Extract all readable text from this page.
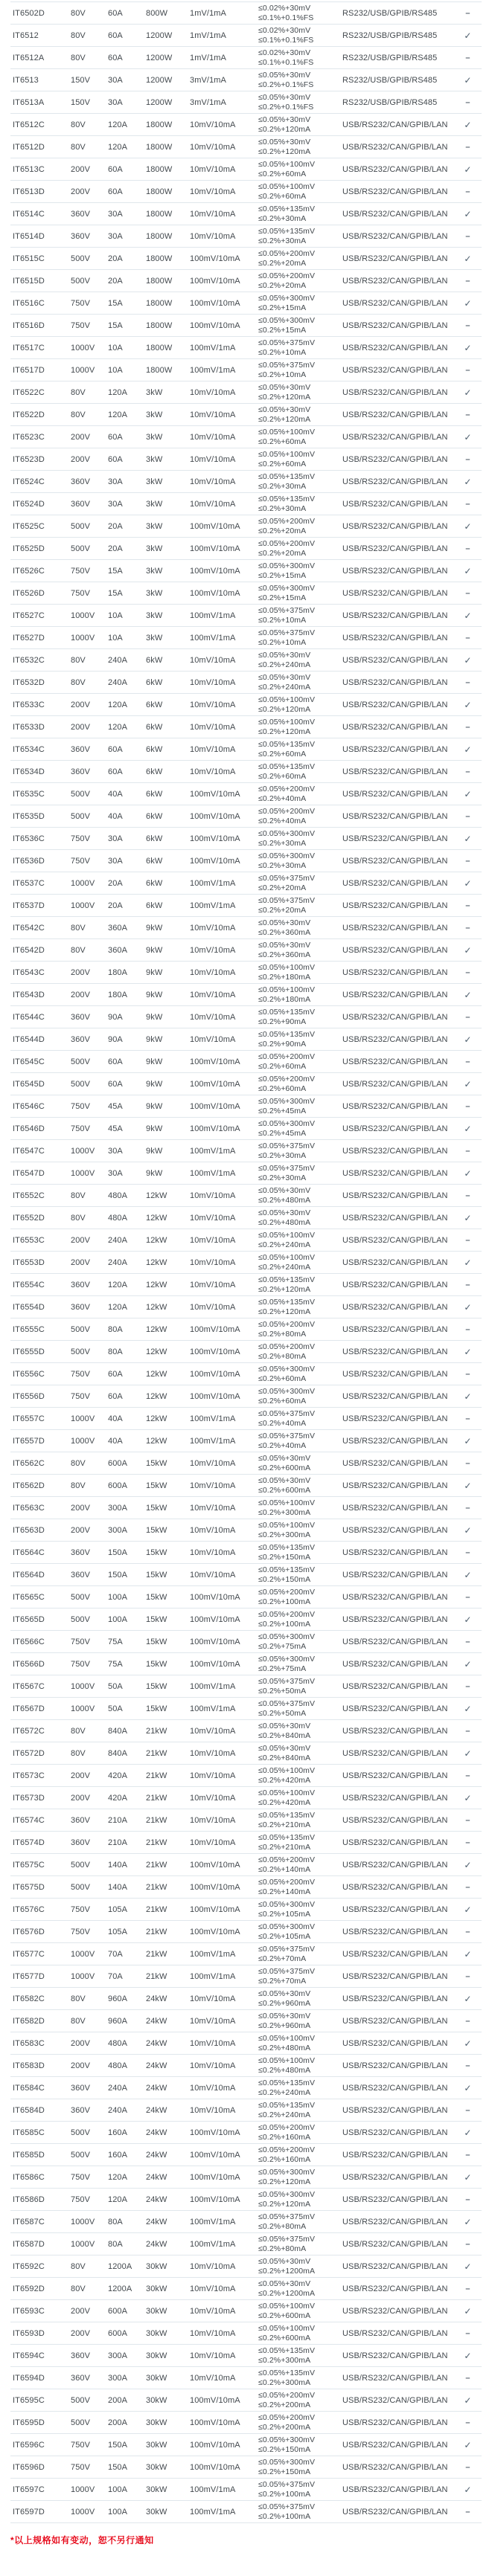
IT6502D	80V	60A	800W	1mV/1mA
≤0.02%+30mV
≤0.1%+0.1%FS	RS232/USB/GPIB/RS485	–
IT6512	80V	60A	1200W	1mV/1mA
≤0.02%+30mV
≤0.1%+0.1%FS	RS232/USB/GPIB/RS485	✓
IT6512A	80V	60A	1200W	1mV/1mA
≤0.02%+30mV
≤0.1%+0.1%FS	RS232/USB/GPIB/RS485	–
IT6513	150V	30A	1200W	3mV/1mA
≤0.05%+30mV
≤0.2%+0.1%FS	RS232/USB/GPIB/RS485	✓
IT6513A	150V	30A	1200W	3mV/1mA
≤0.05%+30mV
≤0.2%+0.1%FS	RS232/USB/GPIB/RS485	–
IT6512C	80V	120A	1800W	10mV/10mA
≤0.05%+30mV
≤0.2%+120mA	USB/RS232/CAN/GPIB/LAN	✓
IT6512D	80V	120A	1800W	10mV/10mA
≤0.05%+30mV
≤0.2%+120mA	USB/RS232/CAN/GPIB/LAN	–
IT6513C	200V	60A	1800W	10mV/10mA
≤0.05%+100mV
≤0.2%+60mA	USB/RS232/CAN/GPIB/LAN	✓
IT6513D	200V	60A	1800W	10mV/10mA
≤0.05%+100mV
≤0.2%+60mA	USB/RS232/CAN/GPIB/LAN	–
IT6514C	360V	30A	1800W	10mV/10mA
≤0.05%+135mV
≤0.2%+30mA	USB/RS232/CAN/GPIB/LAN	✓
IT6514D	360V	30A	1800W	10mV/10mA
≤0.05%+135mV
≤0.2%+30mA	USB/RS232/CAN/GPIB/LAN	–
IT6515C	500V	20A	1800W	100mV/10mA
≤0.05%+200mV
≤0.2%+20mA	USB/RS232/CAN/GPIB/LAN	✓
IT6515D	500V	20A	1800W	100mV/10mA
≤0.05%+200mV
≤0.2%+20mA	USB/RS232/CAN/GPIB/LAN	–
IT6516C	750V	15A	1800W	100mV/10mA
≤0.05%+300mV
≤0.2%+15mA	USB/RS232/CAN/GPIB/LAN	✓
IT6516D	750V	15A	1800W	100mV/10mA
≤0.05%+300mV
≤0.2%+15mA	USB/RS232/CAN/GPIB/LAN	–
IT6517C	1000V	10A	1800W	100mV/1mA
≤0.05%+375mV
≤0.2%+10mA	USB/RS232/CAN/GPIB/LAN	✓
IT6517D	1000V	10A	1800W	100mV/1mA
≤0.05%+375mV
≤0.2%+10mA	USB/RS232/CAN/GPIB/LAN	–
IT6522C	80V	120A	3kW	10mV/10mA
≤0.05%+30mV
≤0.2%+120mA	USB/RS232/CAN/GPIB/LAN	✓
IT6522D	80V	120A	3kW	10mV/10mA
≤0.05%+30mV
≤0.2%+120mA	USB/RS232/CAN/GPIB/LAN	–
IT6523C	200V	60A	3kW	10mV/10mA
≤0.05%+100mV
≤0.2%+60mA	USB/RS232/CAN/GPIB/LAN	✓
IT6523D	200V	60A	3kW	10mV/10mA
≤0.05%+100mV
≤0.2%+60mA	USB/RS232/CAN/GPIB/LAN	–
IT6524C	360V	30A	3kW	10mV/10mA
≤0.05%+135mV
≤0.2%+30mA	USB/RS232/CAN/GPIB/LAN	✓
IT6524D	360V	30A	3kW	10mV/10mA
≤0.05%+135mV
≤0.2%+30mA	USB/RS232/CAN/GPIB/LAN	–
IT6525C	500V	20A	3kW	100mV/10mA
≤0.05%+200mV
≤0.2%+20mA	USB/RS232/CAN/GPIB/LAN	✓
IT6525D	500V	20A	3kW	100mV/10mA
≤0.05%+200mV
≤0.2%+20mA	USB/RS232/CAN/GPIB/LAN	–
IT6526C	750V	15A	3kW	100mV/10mA
≤0.05%+300mV
≤0.2%+15mA	USB/RS232/CAN/GPIB/LAN	✓
IT6526D	750V	15A	3kW	100mV/10mA
≤0.05%+300mV
≤0.2%+15mA	USB/RS232/CAN/GPIB/LAN	–
IT6527C	1000V	10A	3kW	100mV/1mA
≤0.05%+375mV
≤0.2%+10mA	USB/RS232/CAN/GPIB/LAN	✓
IT6527D	1000V	10A	3kW	100mV/1mA
≤0.05%+375mV
≤0.2%+10mA	USB/RS232/CAN/GPIB/LAN	–
IT6532C	80V	240A	6kW	10mV/10mA
≤0.05%+30mV
≤0.2%+240mA	USB/RS232/CAN/GPIB/LAN	✓
IT6532D	80V	240A	6kW	10mV/10mA
≤0.05%+30mV
≤0.2%+240mA	USB/RS232/CAN/GPIB/LAN	–
IT6533C	200V	120A	6kW	10mV/10mA
≤0.05%+100mV
≤0.2%+120mA	USB/RS232/CAN/GPIB/LAN	✓
IT6533D	200V	120A	6kW	10mV/10mA
≤0.05%+100mV
≤0.2%+120mA	USB/RS232/CAN/GPIB/LAN	–
IT6534C	360V	60A	6kW	10mV/10mA
≤0.05%+135mV
≤0.2%+60mA	USB/RS232/CAN/GPIB/LAN	✓
IT6534D	360V	60A	6kW	10mV/10mA
≤0.05%+135mV
≤0.2%+60mA	USB/RS232/CAN/GPIB/LAN	–
IT6535C	500V	40A	6kW	100mV/10mA
≤0.05%+200mV
≤0.2%+40mA	USB/RS232/CAN/GPIB/LAN	✓
IT6535D	500V	40A	6kW	100mV/10mA
≤0.05%+200mV
≤0.2%+40mA	USB/RS232/CAN/GPIB/LAN	–
IT6536C	750V	30A	6kW	100mV/10mA
≤0.05%+300mV
≤0.2%+30mA	USB/RS232/CAN/GPIB/LAN	✓
IT6536D	750V	30A	6kW	100mV/10mA
≤0.05%+300mV
≤0.2%+30mA	USB/RS232/CAN/GPIB/LAN	–
IT6537C	1000V	20A	6kW	100mV/1mA
≤0.05%+375mV
≤0.2%+20mA	USB/RS232/CAN/GPIB/LAN	✓
IT6537D	1000V	20A	6kW	100mV/1mA
≤0.05%+375mV
≤0.2%+20mA	USB/RS232/CAN/GPIB/LAN	–
IT6542C	80V	360A	9kW	10mV/10mA
≤0.05%+30mV
≤0.2%+360mA	USB/RS232/CAN/GPIB/LAN	–
IT6542D	80V	360A	9kW	10mV/10mA
≤0.05%+30mV
≤0.2%+360mA	USB/RS232/CAN/GPIB/LAN	✓
IT6543C	200V	180A	9kW	10mV/10mA
≤0.05%+100mV
≤0.2%+180mA	USB/RS232/CAN/GPIB/LAN	–
IT6543D	200V	180A	9kW	10mV/10mA
≤0.05%+100mV
≤0.2%+180mA	USB/RS232/CAN/GPIB/LAN	✓
IT6544C	360V	90A	9kW	10mV/10mA
≤0.05%+135mV
≤0.2%+90mA	USB/RS232/CAN/GPIB/LAN	–
IT6544D	360V	90A	9kW	10mV/10mA
≤0.05%+135mV
≤0.2%+90mA	USB/RS232/CAN/GPIB/LAN	✓
IT6545C	500V	60A	9kW	100mV/10mA
≤0.05%+200mV
≤0.2%+60mA	USB/RS232/CAN/GPIB/LAN	–
IT6545D	500V	60A	9kW	100mV/10mA
≤0.05%+200mV
≤0.2%+60mA	USB/RS232/CAN/GPIB/LAN	✓
IT6546C	750V	45A	9kW	100mV/10mA
≤0.05%+300mV
≤0.2%+45mA	USB/RS232/CAN/GPIB/LAN	–
IT6546D	750V	45A	9kW	100mV/10mA
≤0.05%+300mV
≤0.2%+45mA	USB/RS232/CAN/GPIB/LAN	✓
IT6547C	1000V	30A	9kW	100mV/1mA
≤0.05%+375mV
≤0.2%+30mA	USB/RS232/CAN/GPIB/LAN	–
IT6547D	1000V	30A	9kW	100mV/1mA
≤0.05%+375mV
≤0.2%+30mA	USB/RS232/CAN/GPIB/LAN	✓
IT6552C	80V	480A	12kW	10mV/10mA
≤0.05%+30mV
≤0.2%+480mA	USB/RS232/CAN/GPIB/LAN	–
IT6552D	80V	480A	12kW	10mV/10mA
≤0.05%+30mV
≤0.2%+480mA	USB/RS232/CAN/GPIB/LAN	✓
IT6553C	200V	240A	12kW	10mV/10mA
≤0.05%+100mV
≤0.2%+240mA	USB/RS232/CAN/GPIB/LAN	–
IT6553D	200V	240A	12kW	10mV/10mA
≤0.05%+100mV
≤0.2%+240mA	USB/RS232/CAN/GPIB/LAN	✓
IT6554C	360V	120A	12kW	10mV/10mA
≤0.05%+135mV
≤0.2%+120mA	USB/RS232/CAN/GPIB/LAN	–
IT6554D	360V	120A	12kW	10mV/10mA
≤0.05%+135mV
≤0.2%+120mA	USB/RS232/CAN/GPIB/LAN	✓
IT6555C	500V	80A	12kW	100mV/10mA
≤0.05%+200mV
≤0.2%+80mA	USB/RS232/CAN/GPIB/LAN	–
IT6555D	500V	80A	12kW	100mV/10mA
≤0.05%+200mV
≤0.2%+80mA	USB/RS232/CAN/GPIB/LAN	✓
IT6556C	750V	60A	12kW	100mV/10mA
≤0.05%+300mV
≤0.2%+60mA	USB/RS232/CAN/GPIB/LAN	–
IT6556D	750V	60A	12kW	100mV/10mA
≤0.05%+300mV
≤0.2%+60mA	USB/RS232/CAN/GPIB/LAN	✓
IT6557C	1000V	40A	12kW	100mV/1mA
≤0.05%+375mV
≤0.2%+40mA	USB/RS232/CAN/GPIB/LAN	–
IT6557D	1000V	40A	12kW	100mV/1mA
≤0.05%+375mV
≤0.2%+40mA	USB/RS232/CAN/GPIB/LAN	✓
IT6562C	80V	600A	15kW	10mV/10mA
≤0.05%+30mV
≤0.2%+600mA	USB/RS232/CAN/GPIB/LAN	–
IT6562D	80V	600A	15kW	10mV/10mA
≤0.05%+30mV
≤0.2%+600mA	USB/RS232/CAN/GPIB/LAN	✓
IT6563C	200V	300A	15kW	10mV/10mA
≤0.05%+100mV
≤0.2%+300mA	USB/RS232/CAN/GPIB/LAN	–
IT6563D	200V	300A	15kW	10mV/10mA
≤0.05%+100mV
≤0.2%+300mA	USB/RS232/CAN/GPIB/LAN	✓
IT6564C	360V	150A	15kW	10mV/10mA
≤0.05%+135mV
≤0.2%+150mA	USB/RS232/CAN/GPIB/LAN	–
IT6564D	360V	150A	15kW	10mV/10mA
≤0.05%+135mV
≤0.2%+150mA	USB/RS232/CAN/GPIB/LAN	✓
IT6565C	500V	100A	15kW	100mV/10mA
≤0.05%+200mV
≤0.2%+100mA	USB/RS232/CAN/GPIB/LAN	–
IT6565D	500V	100A	15kW	100mV/10mA
≤0.05%+200mV
≤0.2%+100mA	USB/RS232/CAN/GPIB/LAN	✓
IT6566C	750V	75A	15kW	100mV/10mA
≤0.05%+300mV
≤0.2%+75mA	USB/RS232/CAN/GPIB/LAN	–
IT6566D	750V	75A	15kW	100mV/10mA
≤0.05%+300mV
≤0.2%+75mA	USB/RS232/CAN/GPIB/LAN	✓
IT6567C	1000V	50A	15kW	100mV/1mA
≤0.05%+375mV
≤0.2%+50mA	USB/RS232/CAN/GPIB/LAN	–
IT6567D	1000V	50A	15kW	100mV/1mA
≤0.05%+375mV
≤0.2%+50mA	USB/RS232/CAN/GPIB/LAN	✓
IT6572C	80V	840A	21kW	10mV/10mA
≤0.05%+30mV
≤0.2%+840mA	USB/RS232/CAN/GPIB/LAN	–
IT6572D	80V	840A	21kW	10mV/10mA
≤0.05%+30mV
≤0.2%+840mA	USB/RS232/CAN/GPIB/LAN	✓
IT6573C	200V	420A	21kW	10mV/10mA
≤0.05%+100mV
≤0.2%+420mA	USB/RS232/CAN/GPIB/LAN	–
IT6573D	200V	420A	21kW	10mV/10mA
≤0.05%+100mV
≤0.2%+420mA	USB/RS232/CAN/GPIB/LAN	✓
IT6574C	360V	210A	21kW	10mV/10mA
≤0.05%+135mV
≤0.2%+210mA	USB/RS232/CAN/GPIB/LAN	–
IT6574D	360V	210A	21kW	10mV/10mA
≤0.05%+135mV
≤0.2%+210mA	USB/RS232/CAN/GPIB/LAN	–
IT6575C	500V	140A	21kW	100mV/10mA
≤0.05%+200mV
≤0.2%+140mA	USB/RS232/CAN/GPIB/LAN	✓
IT6575D	500V	140A	21kW	100mV/10mA
≤0.05%+200mV
≤0.2%+140mA	USB/RS232/CAN/GPIB/LAN	–
IT6576C	750V	105A	21kW	100mV/10mA
≤0.05%+300mV
≤0.2%+105mA	USB/RS232/CAN/GPIB/LAN	✓
IT6576D	750V	105A	21kW	100mV/10mA
≤0.05%+300mV
≤0.2%+105mA	USB/RS232/CAN/GPIB/LAN	–
IT6577C	1000V	70A	21kW	100mV/1mA
≤0.05%+375mV
≤0.2%+70mA	USB/RS232/CAN/GPIB/LAN	✓
IT6577D	1000V	70A	21kW	100mV/1mA
≤0.05%+375mV
≤0.2%+70mA	USB/RS232/CAN/GPIB/LAN	–
IT6582C	80V	960A	24kW	10mV/10mA
≤0.05%+30mV
≤0.2%+960mA	USB/RS232/CAN/GPIB/LAN	✓
IT6582D	80V	960A	24kW	10mV/10mA
≤0.05%+30mV
≤0.2%+960mA	USB/RS232/CAN/GPIB/LAN	–
IT6583C	200V	480A	24kW	10mV/10mA
≤0.05%+100mV
≤0.2%+480mA	USB/RS232/CAN/GPIB/LAN	✓
IT6583D	200V	480A	24kW	10mV/10mA
≤0.05%+100mV
≤0.2%+480mA	USB/RS232/CAN/GPIB/LAN	–
IT6584C	360V	240A	24kW	10mV/10mA
≤0.05%+135mV
≤0.2%+240mA	USB/RS232/CAN/GPIB/LAN	✓
IT6584D	360V	240A	24kW	10mV/10mA
≤0.05%+135mV
≤0.2%+240mA	USB/RS232/CAN/GPIB/LAN	–
IT6585C	500V	160A	24kW	100mV/10mA
≤0.05%+200mV
≤0.2%+160mA	USB/RS232/CAN/GPIB/LAN	✓
IT6585D	500V	160A	24kW	100mV/10mA
≤0.05%+200mV
≤0.2%+160mA	USB/RS232/CAN/GPIB/LAN	–
IT6586C	750V	120A	24kW	100mV/10mA
≤0.05%+300mV
≤0.2%+120mA	USB/RS232/CAN/GPIB/LAN	✓
IT6586D	750V	120A	24kW	100mV/10mA
≤0.05%+300mV
≤0.2%+120mA	USB/RS232/CAN/GPIB/LAN	–
IT6587C	1000V	80A	24kW	100mV/1mA
≤0.05%+375mV
≤0.2%+80mA	USB/RS232/CAN/GPIB/LAN	✓
IT6587D	1000V	80A	24kW	100mV/1mA
≤0.05%+375mV
≤0.2%+80mA	USB/RS232/CAN/GPIB/LAN	–
IT6592C	80V	1200A	30kW	10mV/10mA
≤0.05%+30mV
≤0.2%+1200mA	USB/RS232/CAN/GPIB/LAN	✓
IT6592D	80V	1200A	30kW	10mV/10mA
≤0.05%+30mV
≤0.2%+1200mA	USB/RS232/CAN/GPIB/LAN	–
IT6593C	200V	600A	30kW	10mV/10mA
≤0.05%+100mV
≤0.2%+600mA	USB/RS232/CAN/GPIB/LAN	✓
IT6593D	200V	600A	30kW	10mV/10mA
≤0.05%+100mV
≤0.2%+600mA	USB/RS232/CAN/GPIB/LAN	–
IT6594C	360V	300A	30kW	10mV/10mA
≤0.05%+135mV
≤0.2%+300mA	USB/RS232/CAN/GPIB/LAN	✓
IT6594D	360V	300A	30kW	10mV/10mA
≤0.05%+135mV
≤0.2%+300mA	USB/RS232/CAN/GPIB/LAN	–
IT6595C	500V	200A	30kW	100mV/10mA
≤0.05%+200mV
≤0.2%+200mA	USB/RS232/CAN/GPIB/LAN	✓
IT6595D	500V	200A	30kW	100mV/10mA
≤0.05%+200mV
≤0.2%+200mA	USB/RS232/CAN/GPIB/LAN	–
IT6596C	750V	150A	30kW	100mV/10mA
≤0.05%+300mV
≤0.2%+150mA	USB/RS232/CAN/GPIB/LAN	✓
IT6596D	750V	150A	30kW	100mV/10mA
≤0.05%+300mV
≤0.2%+150mA	USB/RS232/CAN/GPIB/LAN	–
IT6597C	1000V	100A	30kW	100mV/1mA
≤0.05%+375mV
≤0.2%+100mA	USB/RS232/CAN/GPIB/LAN	✓
IT6597D	1000V	100A	30kW	100mV/1mA
≤0.05%+375mV
≤0.2%+100mA	USB/RS232/CAN/GPIB/LAN	–
*以上规格如有变动，恕不另行通知
